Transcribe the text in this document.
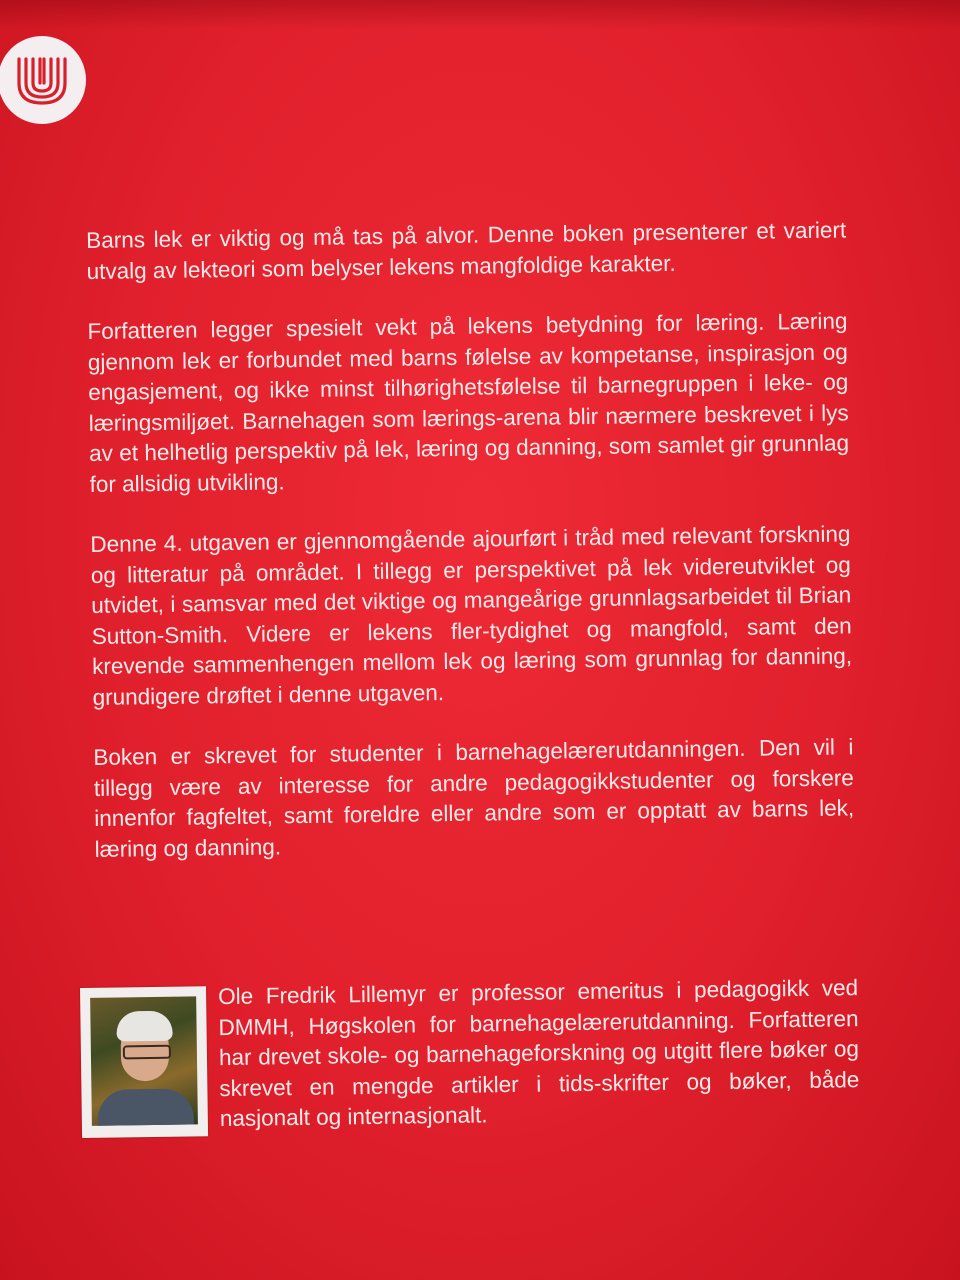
Barns lek er viktig og må tas på alvor. Denne boken presenterer et variert utvalg av lekteori som belyser lekens mangfoldige karakter.

Forfatteren legger spesielt vekt på lekens betydning for læring. Læring gjennom lek er forbundet med barns følelse av kompetanse, inspirasjon og engasjement, og ikke minst tilhørighetsfølelse til barnegruppen i leke- og læringsmiljøet. Barnehagen som lærings-arena blir nærmere beskrevet i lys av et helhetlig perspektiv på lek, læring og danning, som samlet gir grunnlag for allsidig utvikling.

Denne 4. utgaven er gjennomgående ajourført i tråd med relevant forskning og litteratur på området. I tillegg er perspektivet på lek videreutviklet og utvidet, i samsvar med det viktige og mangeårige grunnlagsarbeidet til Brian Sutton-Smith. Videre er lekens fler-tydighet og mangfold, samt den krevende sammenhengen mellom lek og læring som grunnlag for danning, grundigere drøftet i denne utgaven.

Boken er skrevet for studenter i barnehagelærerutdanningen. Den vil i tillegg være av interesse for andre pedagogikkstudenter og forskere innenfor fagfeltet, samt foreldre eller andre som er opptatt av barns lek, læring og danning.

Ole Fredrik Lillemyr er professor emeritus i pedagogikk ved DMMH, Høgskolen for barnehagelærerutdanning. Forfatteren har drevet skole- og barnehageforskning og utgitt flere bøker og skrevet en mengde artikler i tids-skrifter og bøker, både nasjonalt og internasjonalt.
